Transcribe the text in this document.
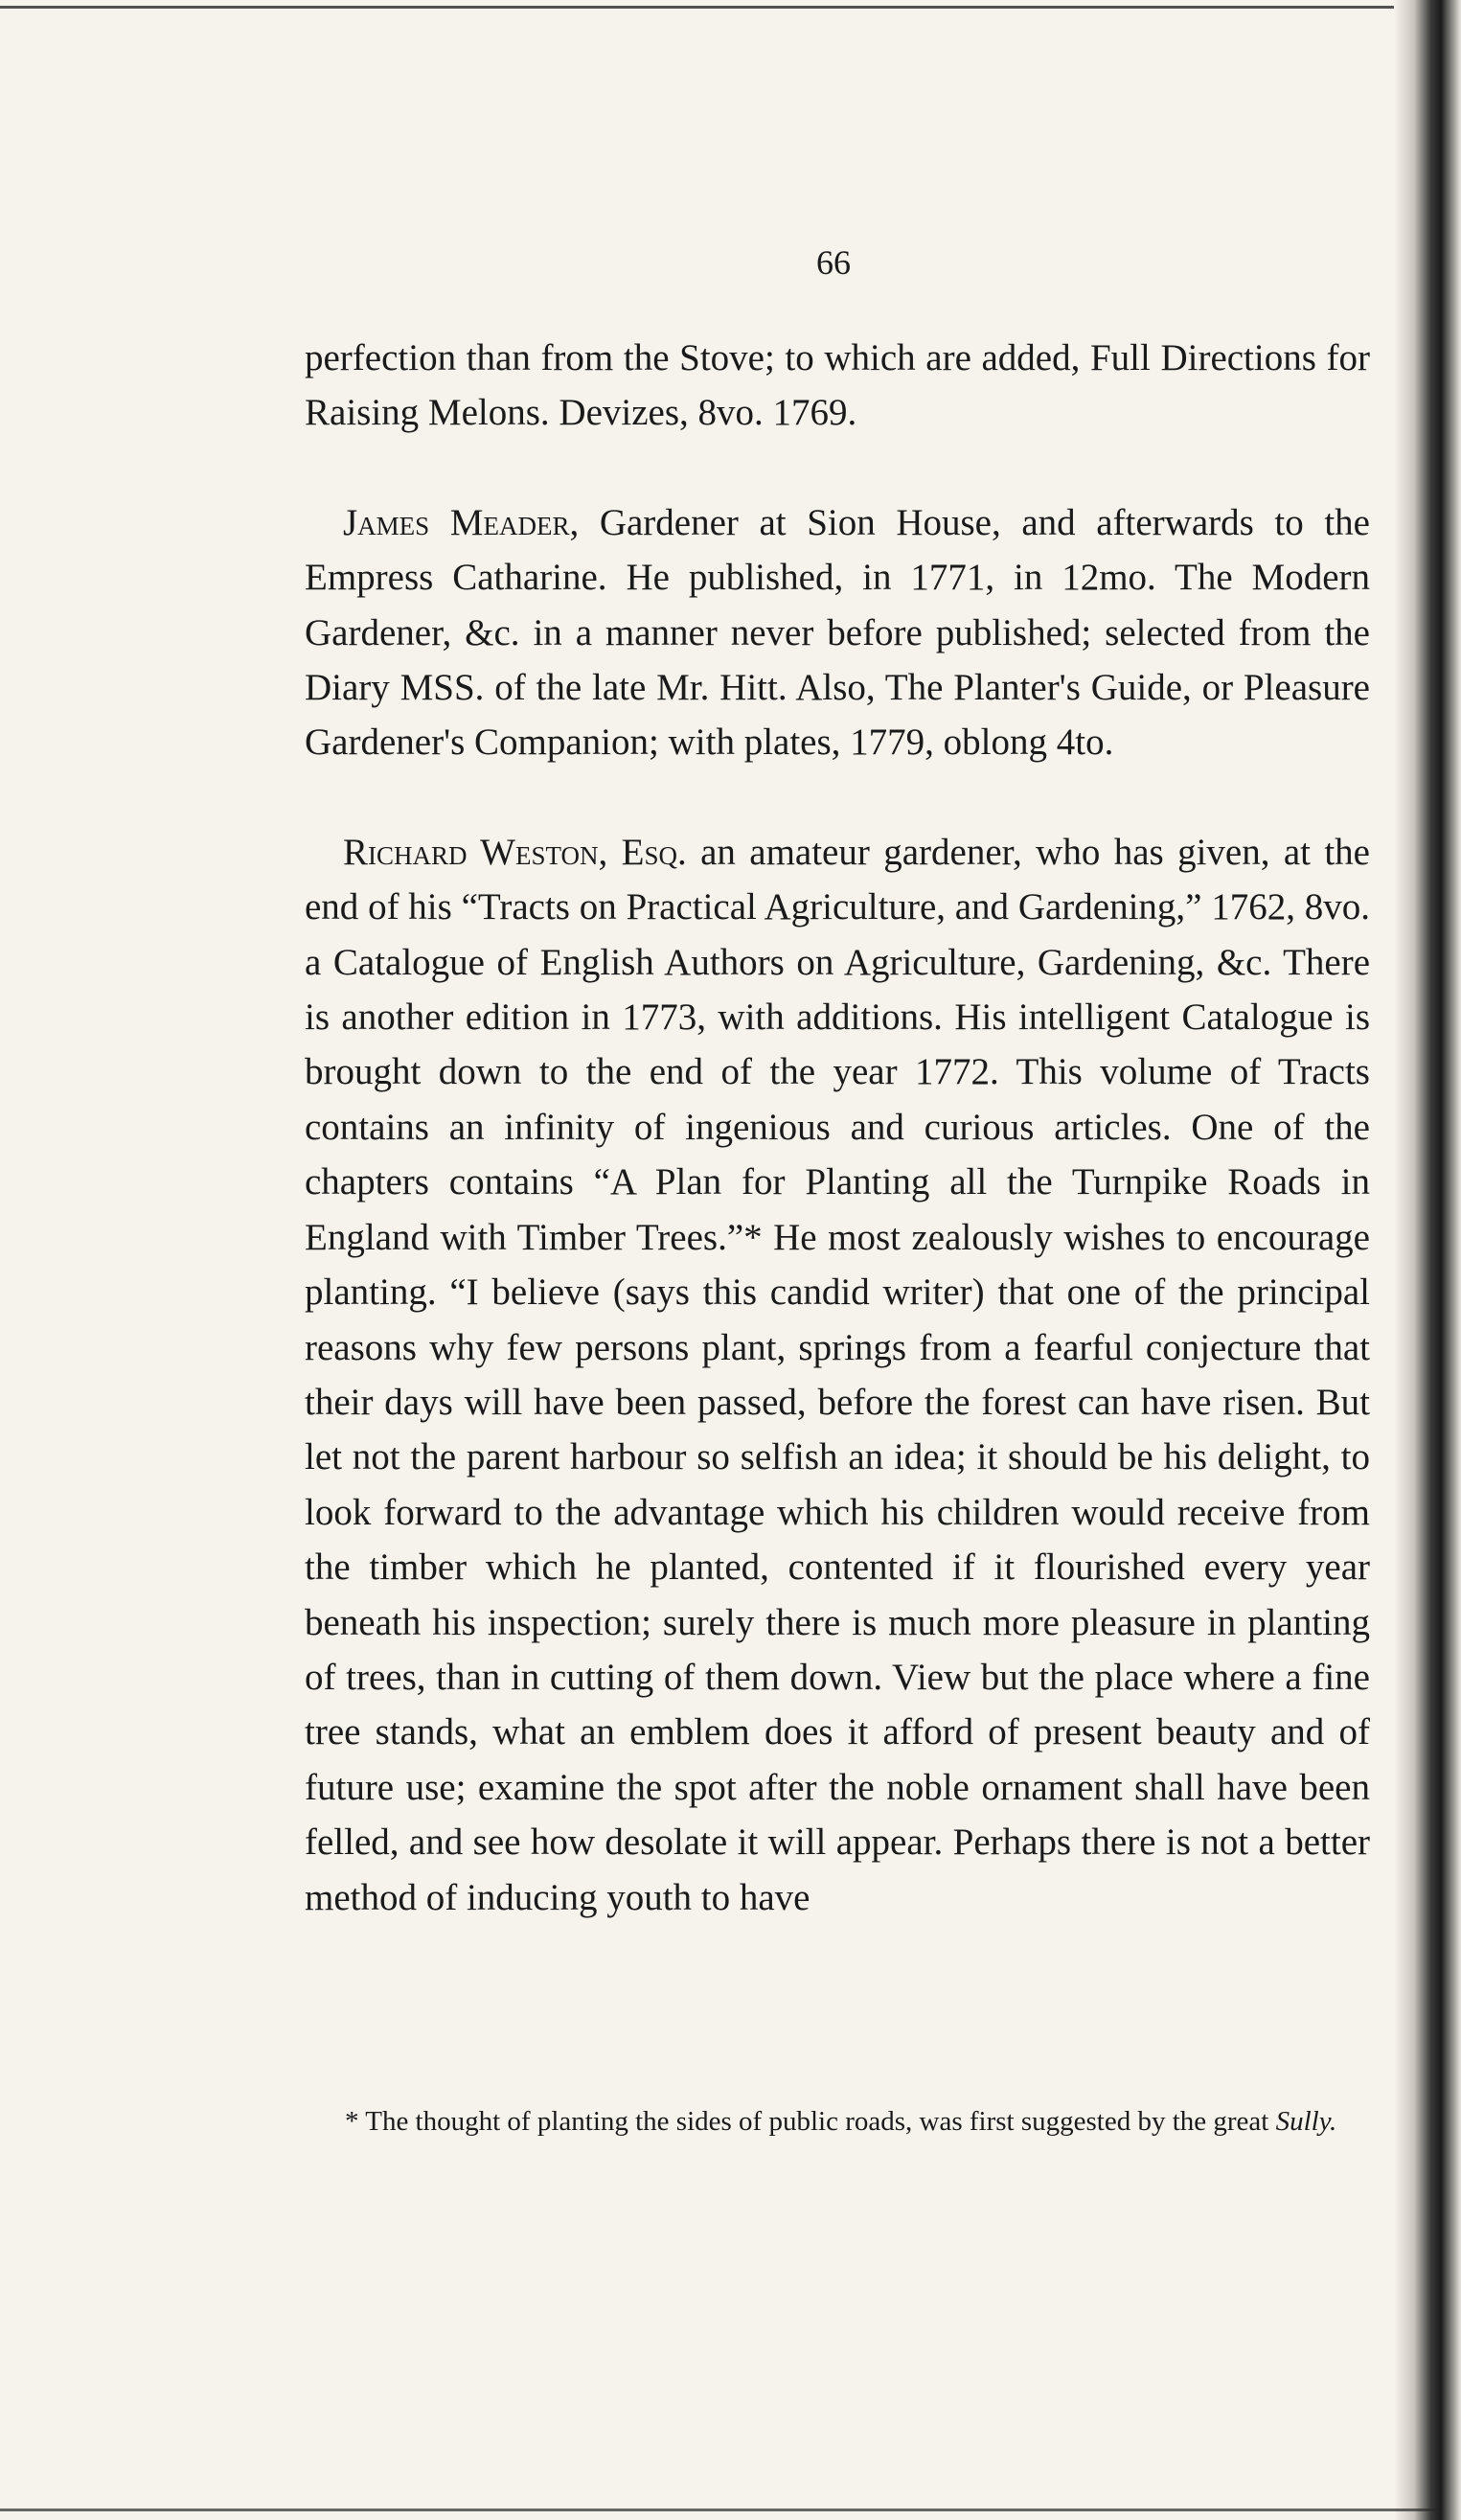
66

perfection than from the Stove; to which are added, Full Directions for Raising Melons. Devizes, 8vo. 1769.

James Meader, Gardener at Sion House, and afterwards to the Empress Catharine. He published, in 1771, in 12mo. The Modern Gardener, &c. in a manner never before published; selected from the Diary MSS. of the late Mr. Hitt. Also, The Planter's Guide, or Pleasure Gardener's Companion; with plates, 1779, oblong 4to.

Richard Weston, Esq. an amateur gardener, who has given, at the end of his “Tracts on Practical Agriculture, and Gardening,” 1762, 8vo. a Catalogue of English Authors on Agriculture, Gardening, &c. There is another edition in 1773, with additions. His intelligent Catalogue is brought down to the end of the year 1772. This volume of Tracts contains an infinity of ingenious and curious articles. One of the chapters contains “A Plan for Planting all the Turnpike Roads in England with Timber Trees.”* He most zealously wishes to encourage planting. “I believe (says this candid writer) that one of the principal reasons why few persons plant, springs from a fearful conjecture that their days will have been passed, before the forest can have risen. But let not the parent harbour so selfish an idea; it should be his delight, to look forward to the advantage which his children would receive from the timber which he planted, contented if it flourished every year beneath his inspection; surely there is much more pleasure in planting of trees, than in cutting of them down. View but the place where a fine tree stands, what an emblem does it afford of present beauty and of future use; examine the spot after the noble ornament shall have been felled, and see how desolate it will appear. Perhaps there is not a better method of inducing youth to have

* The thought of planting the sides of public roads, was first suggested by the great Sully.
